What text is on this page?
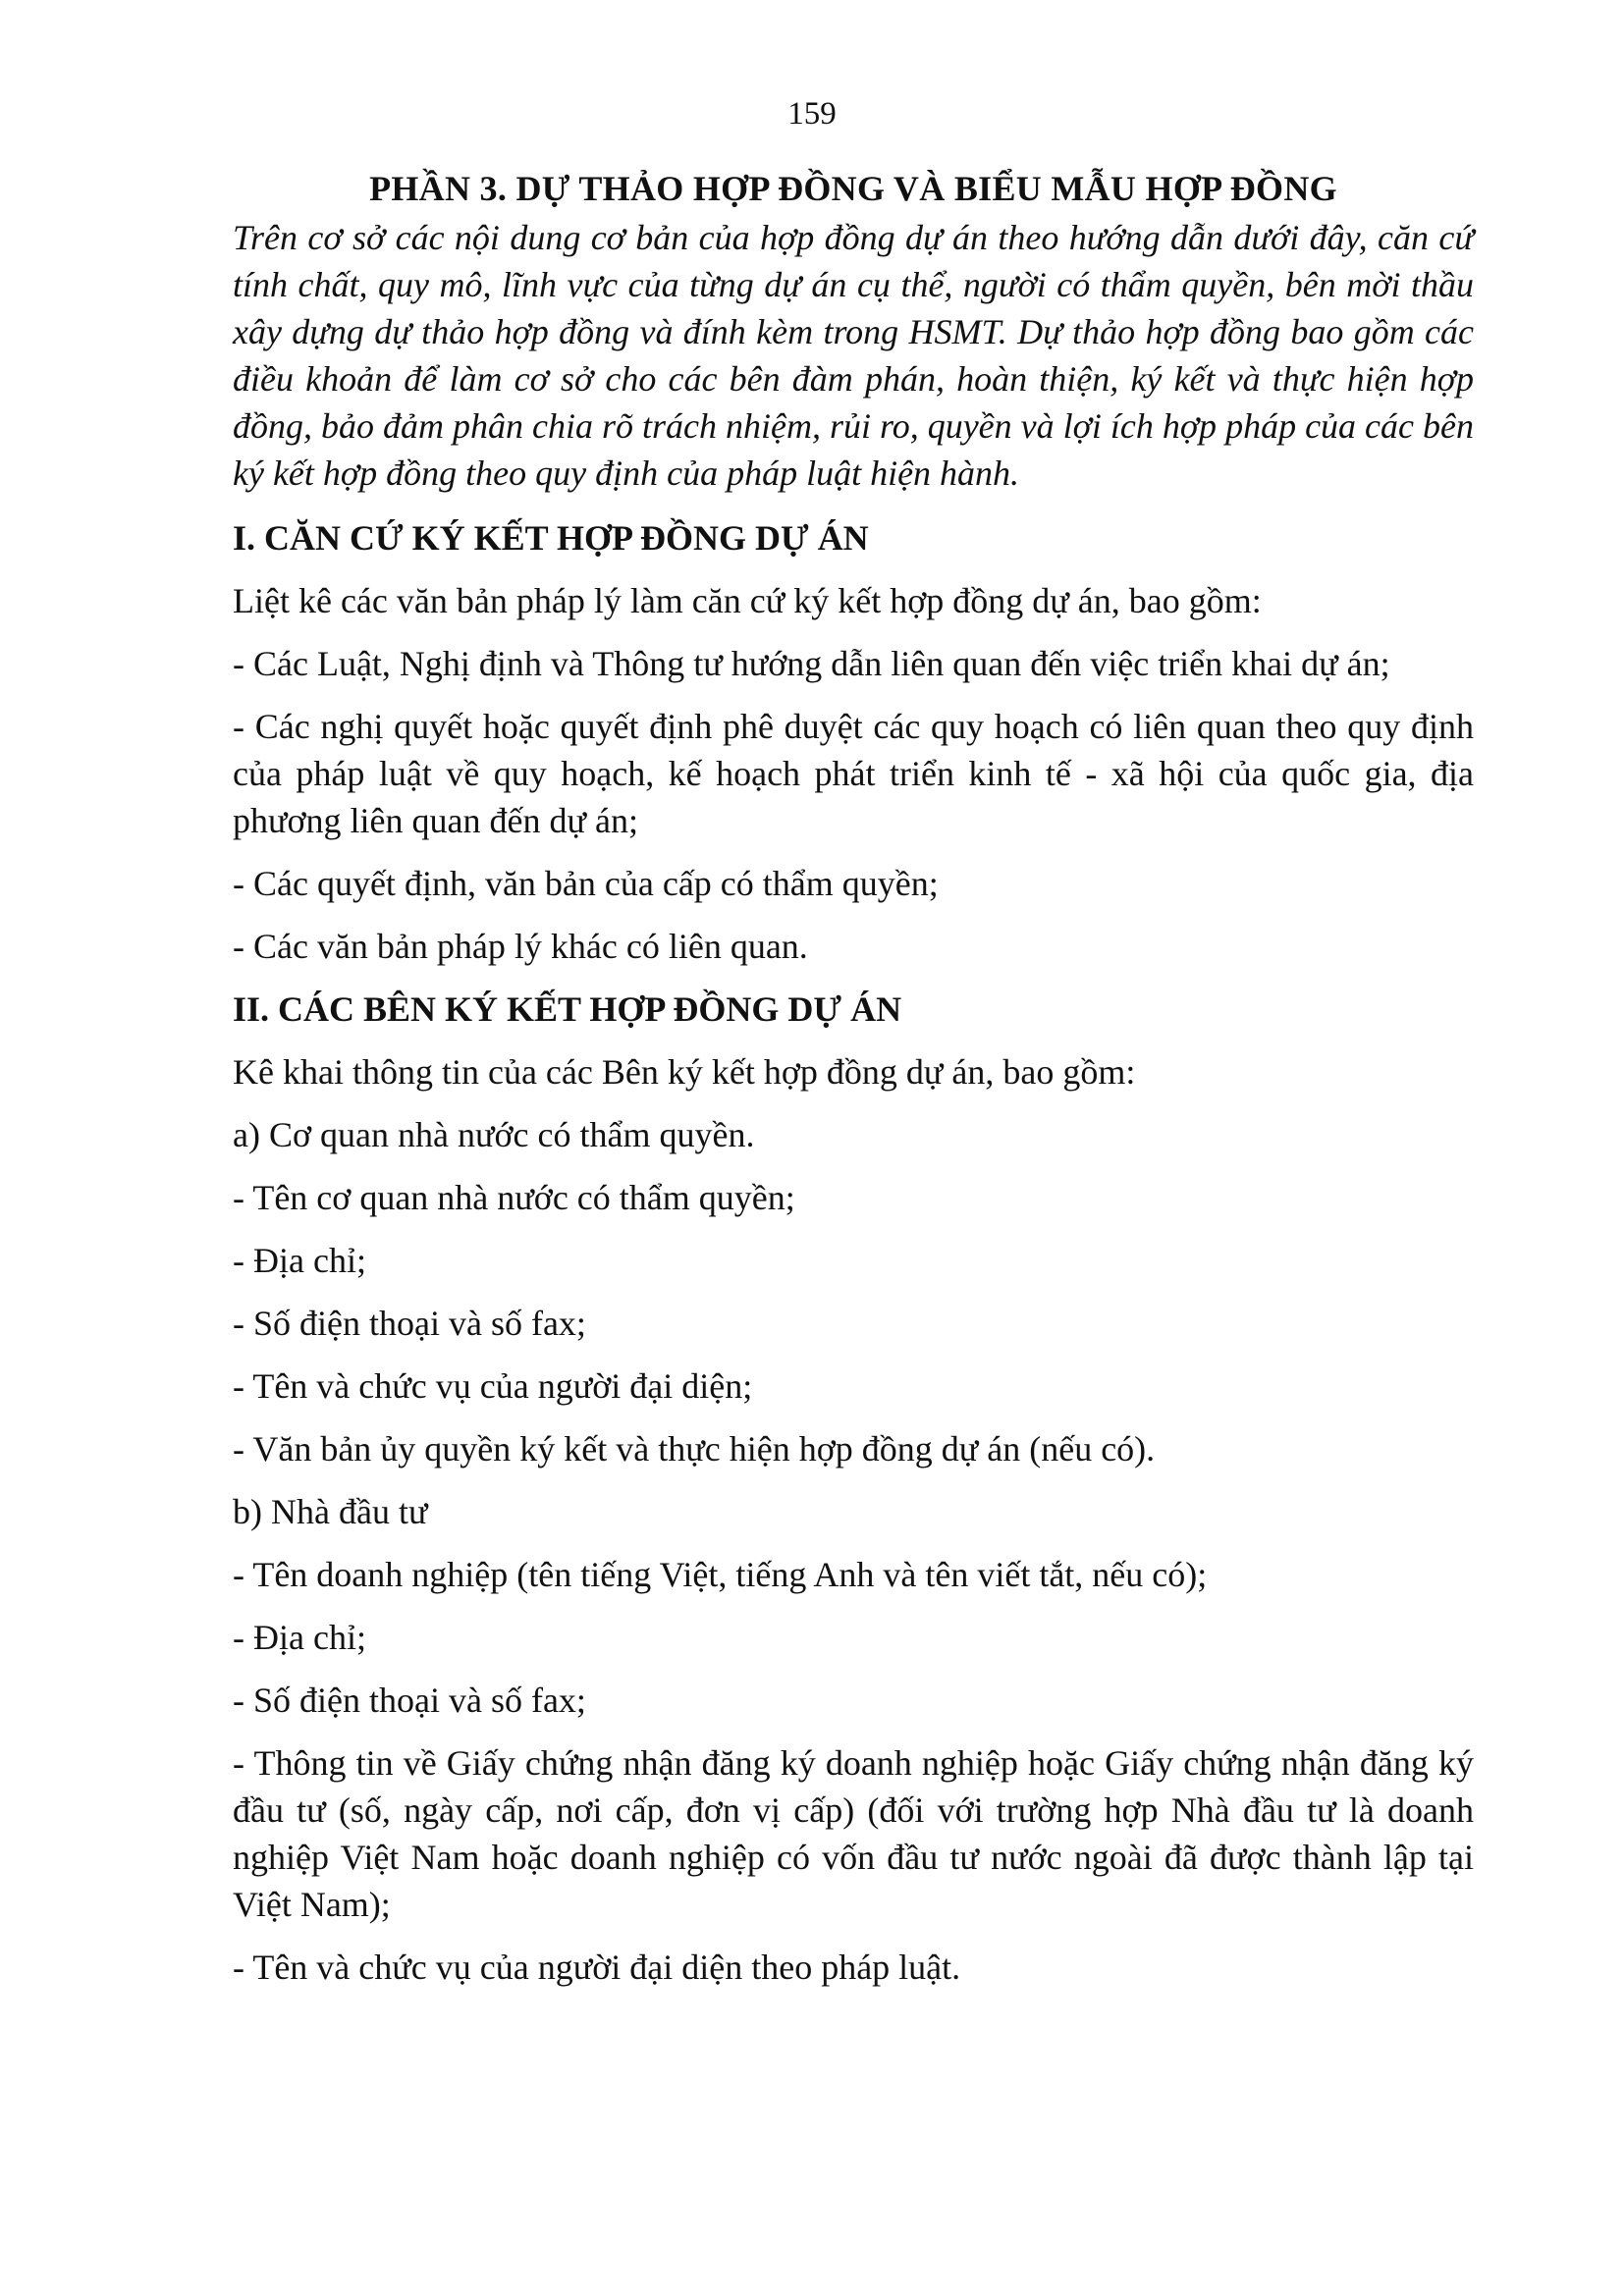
159
PHẦN 3. DỰ THẢO HỢP ĐỒNG VÀ BIỂU MẪU HỢP ĐỒNG
Trên cơ sở các nội dung cơ bản của hợp đồng dự án theo hướng dẫn dưới đây, căn cứ tính chất, quy mô, lĩnh vực của từng dự án cụ thể, người có thẩm quyền, bên mời thầu xây dựng dự thảo hợp đồng và đính kèm trong HSMT. Dự thảo hợp đồng bao gồm các điều khoản để làm cơ sở cho các bên đàm phán, hoàn thiện, ký kết và thực hiện hợp đồng, bảo đảm phân chia rõ trách nhiệm, rủi ro, quyền và lợi ích hợp pháp của các bên ký kết hợp đồng theo quy định của pháp luật hiện hành.
I. CĂN CỨ KÝ KẾT HỢP ĐỒNG DỰ ÁN
Liệt kê các văn bản pháp lý làm căn cứ ký kết hợp đồng dự án, bao gồm:
- Các Luật, Nghị định và Thông tư hướng dẫn liên quan đến việc triển khai dự án;
- Các nghị quyết hoặc quyết định phê duyệt các quy hoạch có liên quan theo quy định của pháp luật về quy hoạch, kế hoạch phát triển kinh tế - xã hội của quốc gia, địa phương liên quan đến dự án;
- Các quyết định, văn bản của cấp có thẩm quyền;
- Các văn bản pháp lý khác có liên quan.
II. CÁC BÊN KÝ KẾT HỢP ĐỒNG DỰ ÁN
Kê khai thông tin của các Bên ký kết hợp đồng dự án, bao gồm:
a) Cơ quan nhà nước có thẩm quyền.
- Tên cơ quan nhà nước có thẩm quyền;
- Địa chỉ;
- Số điện thoại và số fax;
- Tên và chức vụ của người đại diện;
- Văn bản ủy quyền ký kết và thực hiện hợp đồng dự án (nếu có).
b) Nhà đầu tư
- Tên doanh nghiệp (tên tiếng Việt, tiếng Anh và tên viết tắt, nếu có);
- Địa chỉ;
- Số điện thoại và số fax;
- Thông tin về Giấy chứng nhận đăng ký doanh nghiệp hoặc Giấy chứng nhận đăng ký đầu tư (số, ngày cấp, nơi cấp, đơn vị cấp) (đối với trường hợp Nhà đầu tư là doanh nghiệp Việt Nam hoặc doanh nghiệp có vốn đầu tư nước ngoài đã được thành lập tại Việt Nam);
- Tên và chức vụ của người đại diện theo pháp luật.
